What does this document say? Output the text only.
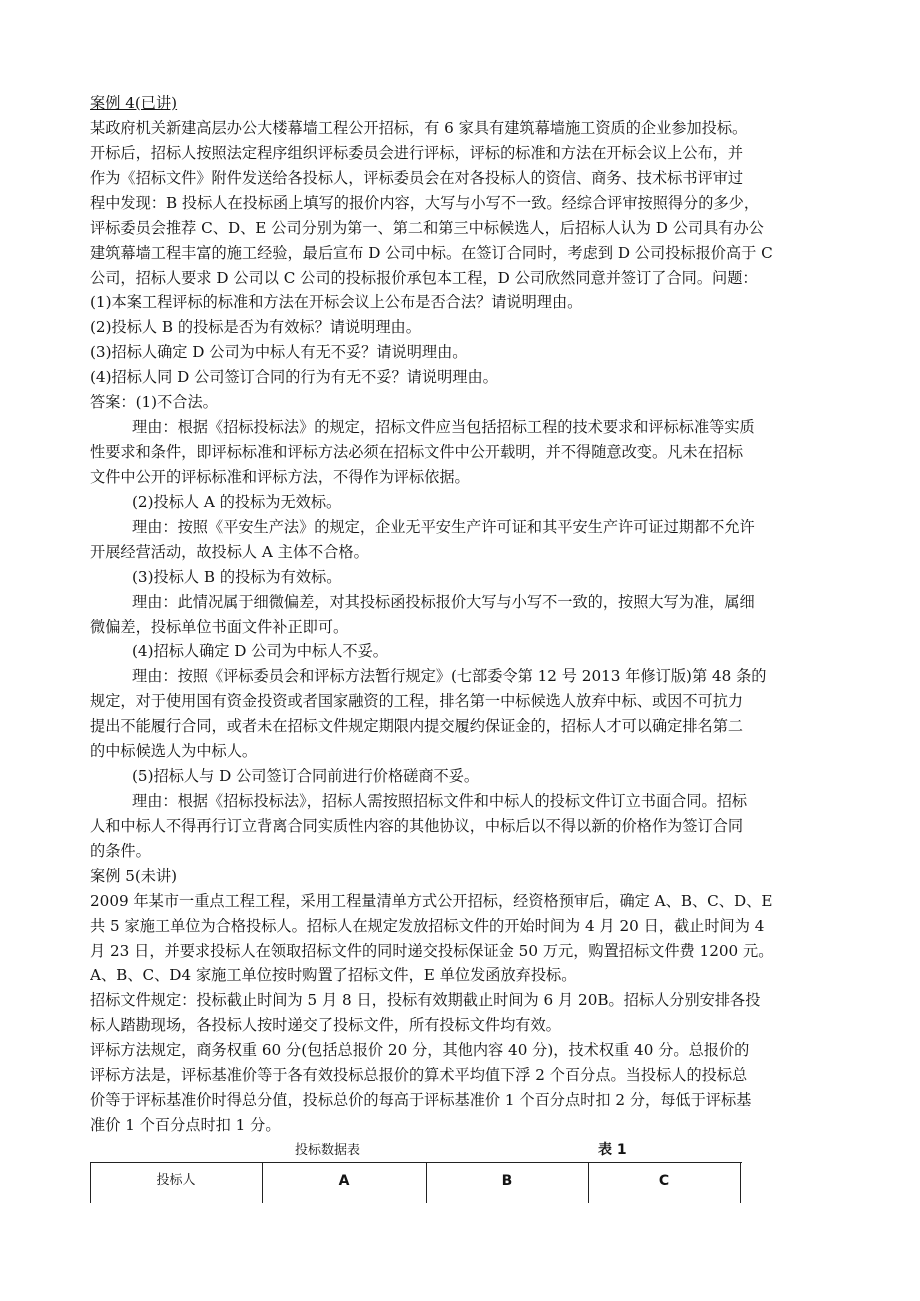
案例 4(已讲)
某政府机关新建高层办公大楼幕墙工程公开招标，有 6 家具有建筑幕墙施工资质的企业参加投标。
开标后，招标人按照法定程序组织评标委员会进行评标，评标的标准和方法在开标会议上公布，并
作为《招标文件》附件发送给各投标人，评标委员会在对各投标人的资信、商务、技术标书评审过
程中发现：B 投标人在投标函上填写的报价内容，大写与小写不一致。经综合评审按照得分的多少，
评标委员会推荐 C、D、E 公司分别为第一、第二和第三中标候选人，后招标人认为 D 公司具有办公
建筑幕墙工程丰富的施工经验，最后宣布 D 公司中标。在签订合同时，考虑到 D 公司投标报价高于 C
公司，招标人要求 D 公司以 C 公司的投标报价承包本工程，D 公司欣然同意并签订了合同。问题：
(1)本案工程评标的标准和方法在开标会议上公布是否合法？请说明理由。
(2)投标人 B 的投标是否为有效标？请说明理由。
(3)招标人确定 D 公司为中标人有无不妥？请说明理由。
(4)招标人同 D 公司签订合同的行为有无不妥？请说明理由。
答案：(1)不合法。
理由：根据《招标投标法》的规定，招标文件应当包括招标工程的技术要求和评标标准等实质
性要求和条件，即评标标准和评标方法必须在招标文件中公开载明，并不得随意改变。凡未在招标
文件中公开的评标标准和评标方法，不得作为评标依据。
(2)投标人 A 的投标为无效标。
理由：按照《平安生产法》的规定，企业无平安生产许可证和其平安生产许可证过期都不允许
开展经营活动，故投标人 A 主体不合格。
(3)投标人 B 的投标为有效标。
理由：此情况属于细微偏差，对其投标函投标报价大写与小写不一致的，按照大写为准，属细
微偏差，投标单位书面文件补正即可。
(4)招标人确定 D 公司为中标人不妥。
理由：按照《评标委员会和评标方法暂行规定》(七部委令第 12 号 2013 年修订版)第 48 条的
规定，对于使用国有资金投资或者国家融资的工程，排名第一中标候选人放弃中标、或因不可抗力
提出不能履行合同，或者未在招标文件规定期限内提交履约保证金的，招标人才可以确定排名第二
的中标候选人为中标人。
(5)招标人与 D 公司签订合同前进行价格磋商不妥。
理由：根据《招标投标法》，招标人需按照招标文件和中标人的投标文件订立书面合同。招标
人和中标人不得再行订立背离合同实质性内容的其他协议，中标后以不得以新的价格作为签订合同
的条件。
案例 5(未讲)
2009 年某市一重点工程工程，采用工程量清单方式公开招标，经资格预审后，确定 A、B、C、D、E
共 5 家施工单位为合格投标人。招标人在规定发放招标文件的开始时间为 4 月 20 日，截止时间为 4
月 23 日，并要求投标人在领取招标文件的同时递交投标保证金 50 万元，购置招标文件费 1200 元。
A、B、C、D4 家施工单位按时购置了招标文件，E 单位发函放弃投标。
招标文件规定：投标截止时间为 5 月 8 日，投标有效期截止时间为 6 月 20B。招标人分别安排各投
标人踏勘现场，各投标人按时递交了投标文件，所有投标文件均有效。
评标方法规定，商务权重 60 分(包括总报价 20 分，其他内容 40 分)，技术权重 40 分。总报价的
评标方法是，评标基准价等于各有效投标总报价的算术平均值下浮 2 个百分点。当投标人的投标总
价等于评标基准价时得总分值，投标总价的每高于评标基准价 1 个百分点时扣 2 分，每低于评标基
准价 1 个百分点时扣 1 分。
投标数据表	表 1
投标人	A	B	C
